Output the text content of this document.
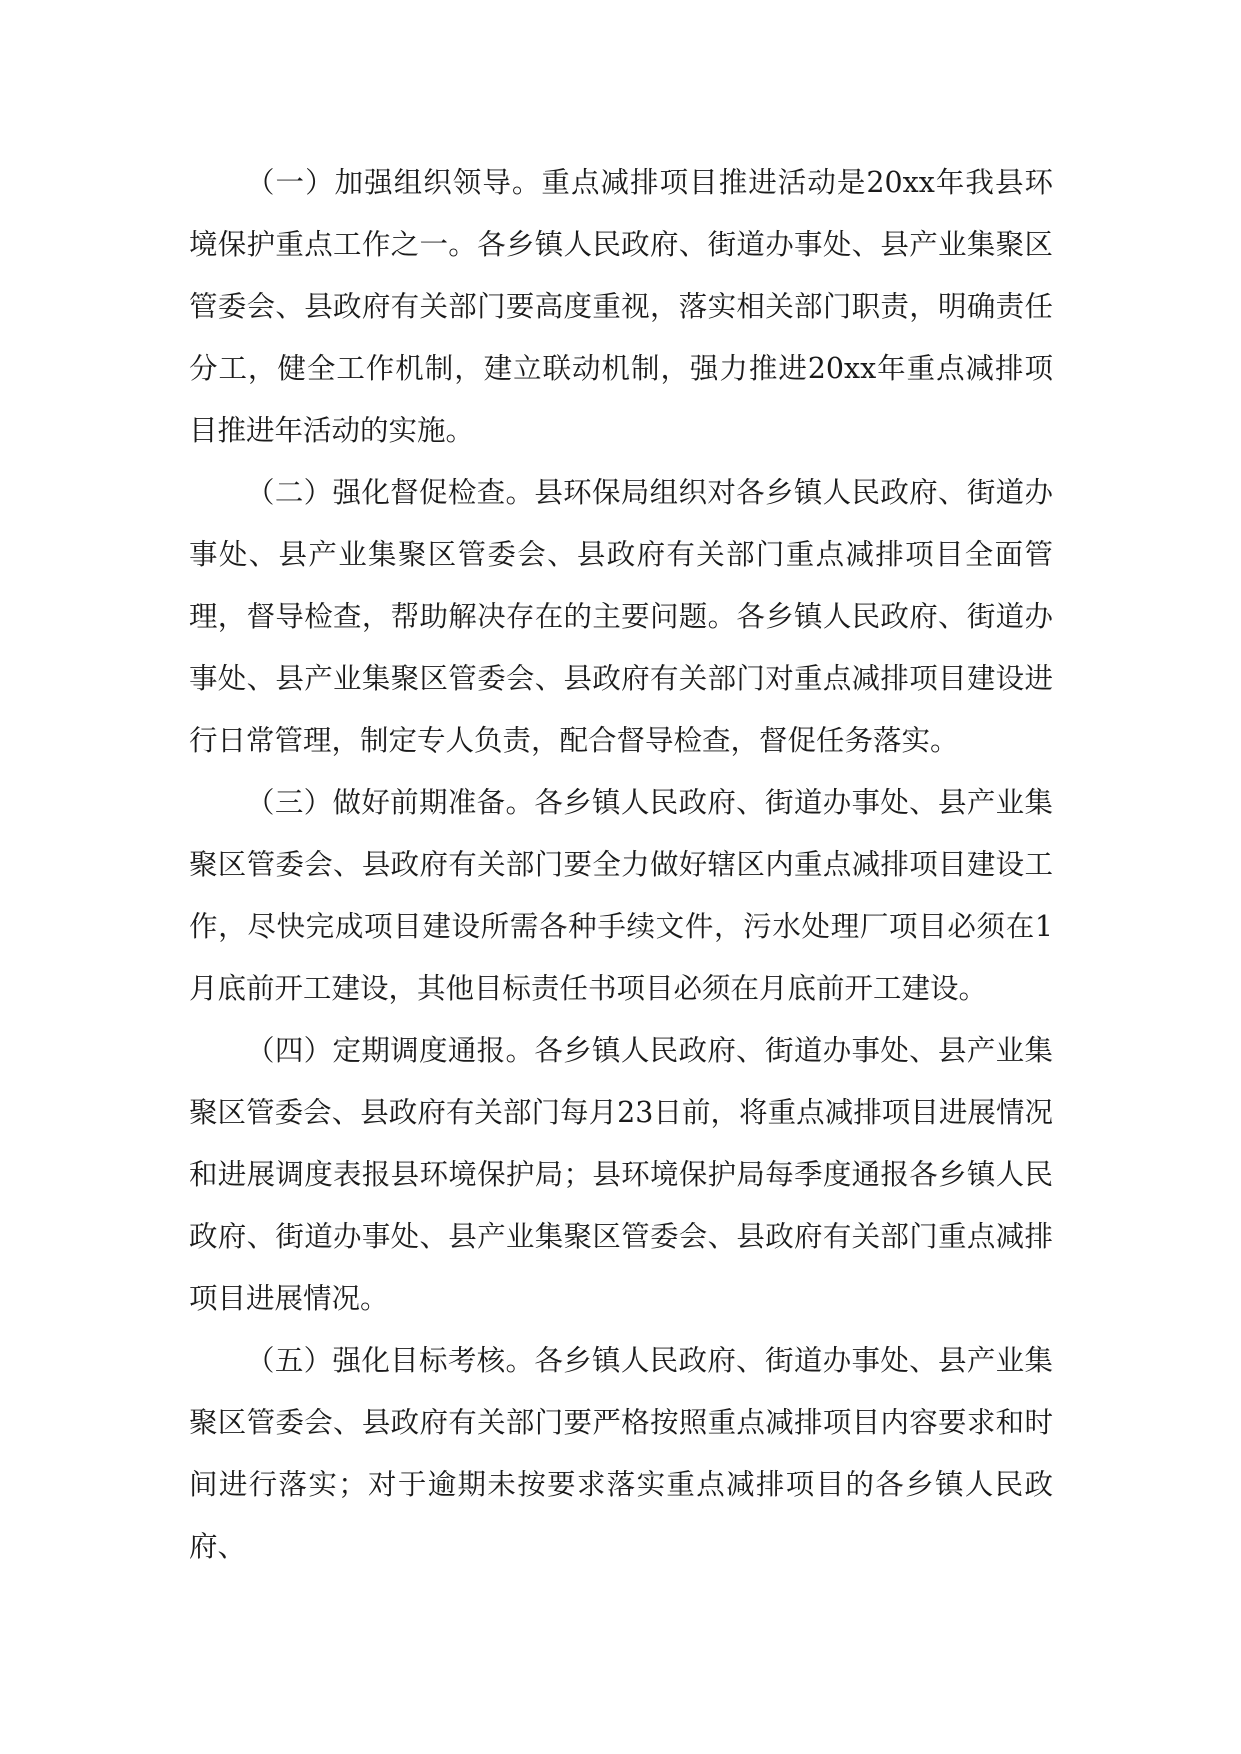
（一）加强组织领导。重点减排项目推进活动是20xx年我县环境保护重点工作之一。各乡镇人民政府、街道办事处、县产业集聚区管委会、县政府有关部门要高度重视，落实相关部门职责，明确责任分工，健全工作机制，建立联动机制，强力推进20xx年重点减排项目推进年活动的实施。

（二）强化督促检查。县环保局组织对各乡镇人民政府、街道办事处、县产业集聚区管委会、县政府有关部门重点减排项目全面管理，督导检查，帮助解决存在的主要问题。各乡镇人民政府、街道办事处、县产业集聚区管委会、县政府有关部门对重点减排项目建设进行日常管理，制定专人负责，配合督导检查，督促任务落实。

（三）做好前期准备。各乡镇人民政府、街道办事处、县产业集聚区管委会、县政府有关部门要全力做好辖区内重点减排项目建设工作，尽快完成项目建设所需各种手续文件，污水处理厂项目必须在1月底前开工建设，其他目标责任书项目必须在月底前开工建设。

（四）定期调度通报。各乡镇人民政府、街道办事处、县产业集聚区管委会、县政府有关部门每月23日前，将重点减排项目进展情况和进展调度表报县环境保护局；县环境保护局每季度通报各乡镇人民政府、街道办事处、县产业集聚区管委会、县政府有关部门重点减排项目进展情况。

（五）强化目标考核。各乡镇人民政府、街道办事处、县产业集聚区管委会、县政府有关部门要严格按照重点减排项目内容要求和时间进行落实；对于逾期未按要求落实重点减排项目的各乡镇人民政府、
